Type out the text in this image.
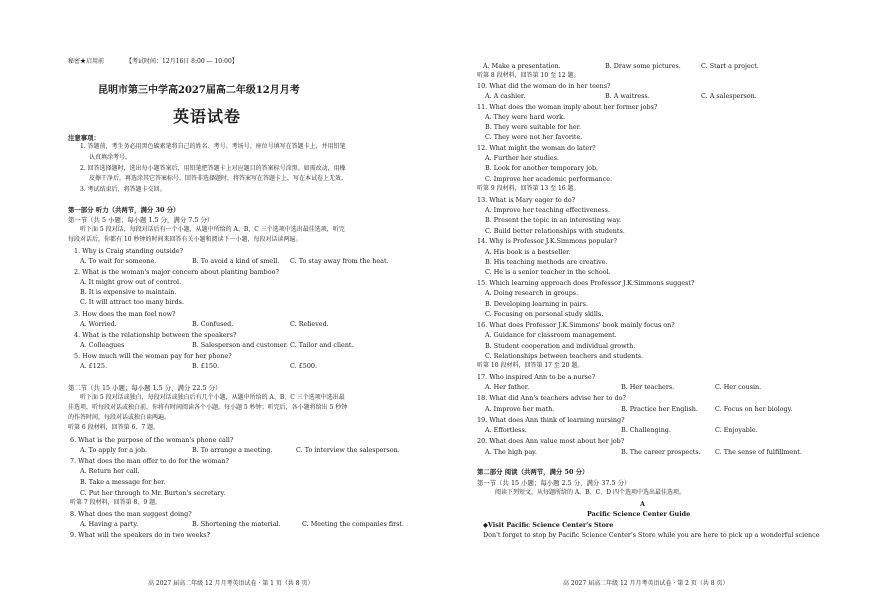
秘密★启用前	【考试时间：12月16日 8:00 — 10:00】
昆明市第三中学高2027届高二年级12月月考
英语试卷
注意事项：
1. 答题前，考生务必用黑色碳素笔将自己的姓名、考号、考场号、座位号填写在答题卡上，并用铅笔
认真填涂考号。
2. 回答选择题时，选出每小题答案后，用铅笔把答题卡上对应题目的答案标号涂黑。如需改动，用橡
皮擦干净后，再选涂其它答案标号。回答非选择题时，将答案写在答题卡上，写在本试卷上无效。
3. 考试结束后，将答题卡交回。
第一部分 听力（共两节，满分 30 分）
第一节（共 5 小题；每小题 1.5 分，满分 7.5 分）
听下面 5 段对话，每段对话后有一个小题，从题中所给的 A、B、C 三个选项中选出最佳选项，听完
每段对话后，你都有 10 秒钟的时间来回答有关小题和阅读下一小题，每段对话读两遍。
1. Why is Craig standing outside?
A. To wait for someone.	B. To avoid a kind of smell. C. To stay away from the heat.
2. What is the woman's major concern about planting bamboo?
A. It might grow out of control.
B. It is expensive to maintain.
C. It will attract too many birds.
3. How does the man feel now?
A. Worried.	B. Confused.	C. Relieved.
4. What is the relationship between the speakers?
A. Colleagues	B. Salesperson and customer. C. Tailor and client.
5. How much will the woman pay for her phone?
A. £125.	B. £150.	C. £500.
第二节（共 15 小题；每小题 1.5 分，满分 22.5 分）
听下面 5 段对话或独白，每段对话或独白后有几个小题，从题中所给的 A、B、C 三个选项中选出最
佳选项，听每段对话或独白前，你将有时间阅读各个小题，每小题 5 秒钟；听完后，各小题将给出 5 秒钟
的作答时间，每段对话或独白读两遍。
听第 6 段材料，回答第 6、7 题。
6. What is the purpose of the woman's phone call?
A. To apply for a job.	B. To arrange a meeting.	C. To interview the salesperson.
7. What does the man offer to do for the woman?
A. Return her call.
B. Take a message for her.
C. Put her through to Mr. Burton's secretary.
听第 7 段材料，回答第 8、9 题。
8. What does the man suggest doing?
A. Having a party.	B. Shortening the material.	C. Meeting the companies first.
9. What will the speakers do in two weeks?
高 2027 届高二年级 12 月月考英语试卷 · 第 1 页（共 8 页）
A. Make a presentation.	B. Draw some pictures.	C. Start a project.
听第 8 段材料，回答第 10 至 12 题。
10. What did the woman do in her teens?
A. A cashier.	B. A waitress.	C. A salesperson.
11. What does the woman imply about her former jobs?
A. They were hard work.
B. They were suitable for her.
C. They were not her favorite.
12. What might the woman do later?
A. Further her studies.
B. Look for another temporary job.
C. Improve her academic performance.
听第 9 段材料，回答第 13 至 16 题。
13. What is Mary eager to do?
A. Improve her teaching effectiveness.
B. Present the topic in an interesting way.
C. Build better relationships with students.
14. Why is Professor J.K.Simmons popular?
A. His book is a bestseller.
B. His teaching methods are creative.
C. He is a senior teacher in the school.
15. Which learning approach does Professor J.K.Simmons suggest?
A. Doing research in groups.
B. Developing learning in pairs.
C. Focusing on personal study skills.
16. What does Professor J.K.Simmons' book mainly focus on?
A. Guidance for classroom management.
B. Student cooperation and individual growth.
C. Relationships between teachers and students.
听第 10 段材料，回答第 17 至 20 题。
17. Who inspired Ann to be a nurse?
A. Her father.	B. Her teachers.	C. Her cousin.
18. What did Ann's teachers advise her to do?
A. Improve her math.	B. Practice her English.	C. Focus on her biology.
19. What does Ann think of learning nursing?
A. Effortless.	B. Challenging.	C. Enjoyable.
20. What does Ann value most about her job?
A. The high pay.	B. The career prospects. C. The sense of fulfillment.
第二部分 阅读（共两节，满分 50 分）
第一节（共 15 小题；每小题 2.5 分，满分 37.5 分）
阅读下列短文，从每题所给的 A、B、C、D 四个选项中选出最佳选项。
A
Pacific Science Center Guide
◆Visit Pacific Science Center's Store
Don't forget to stop by Pacific Science Center's Store while you are here to pick up a wonderful science
高 2027 届高二年级 12 月月考英语试卷 · 第 2 页（共 8 页）
